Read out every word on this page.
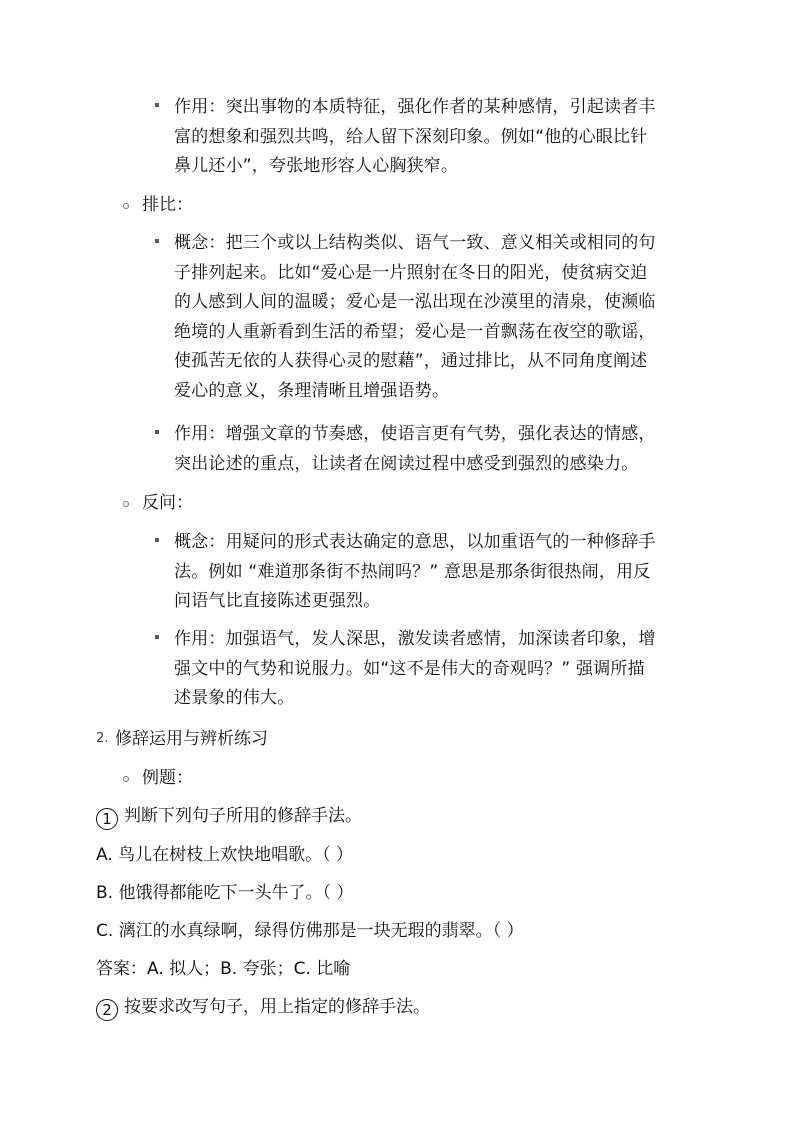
作用：突出事物的本质特征，强化作者的某种感情，引起读者丰
富的想象和强烈共鸣，给人留下深刻印象。例如“他的心眼比针
鼻儿还小”，夸张地形容人心胸狭窄。
排比：
概念：把三个或以上结构类似、语气一致、意义相关或相同的句
子排列起来。比如“爱心是一片照射在冬日的阳光，使贫病交迫
的人感到人间的温暖；爱心是一泓出现在沙漠里的清泉，使濒临
绝境的人重新看到生活的希望；爱心是一首飘荡在夜空的歌谣，
使孤苦无依的人获得心灵的慰藉”，通过排比，从不同角度阐述
爱心的意义，条理清晰且增强语势。
作用：增强文章的节奏感，使语言更有气势，强化表达的情感，
突出论述的重点，让读者在阅读过程中感受到强烈的感染力。
反问：
概念：用疑问的形式表达确定的意思，以加重语气的一种修辞手
法。例如 “难道那条街不热闹吗？” 意思是那条街很热闹，用反
问语气比直接陈述更强烈。
作用：加强语气，发人深思，激发读者感情，加深读者印象，增
强文中的气势和说服力。如“这不是伟大的奇观吗？” 强调所描
述景象的伟大。
2. 修辞运用与辨析练习
例题：
1 判断下列句子所用的修辞手法。
A. 鸟儿在树枝上欢快地唱歌。（ ）
B. 他饿得都能吃下一头牛了。（ ）
C. 漓江的水真绿啊，绿得仿佛那是一块无瑕的翡翠。（ ）
答案：A. 拟人；B. 夸张；C. 比喻
2 按要求改写句子，用上指定的修辞手法。
